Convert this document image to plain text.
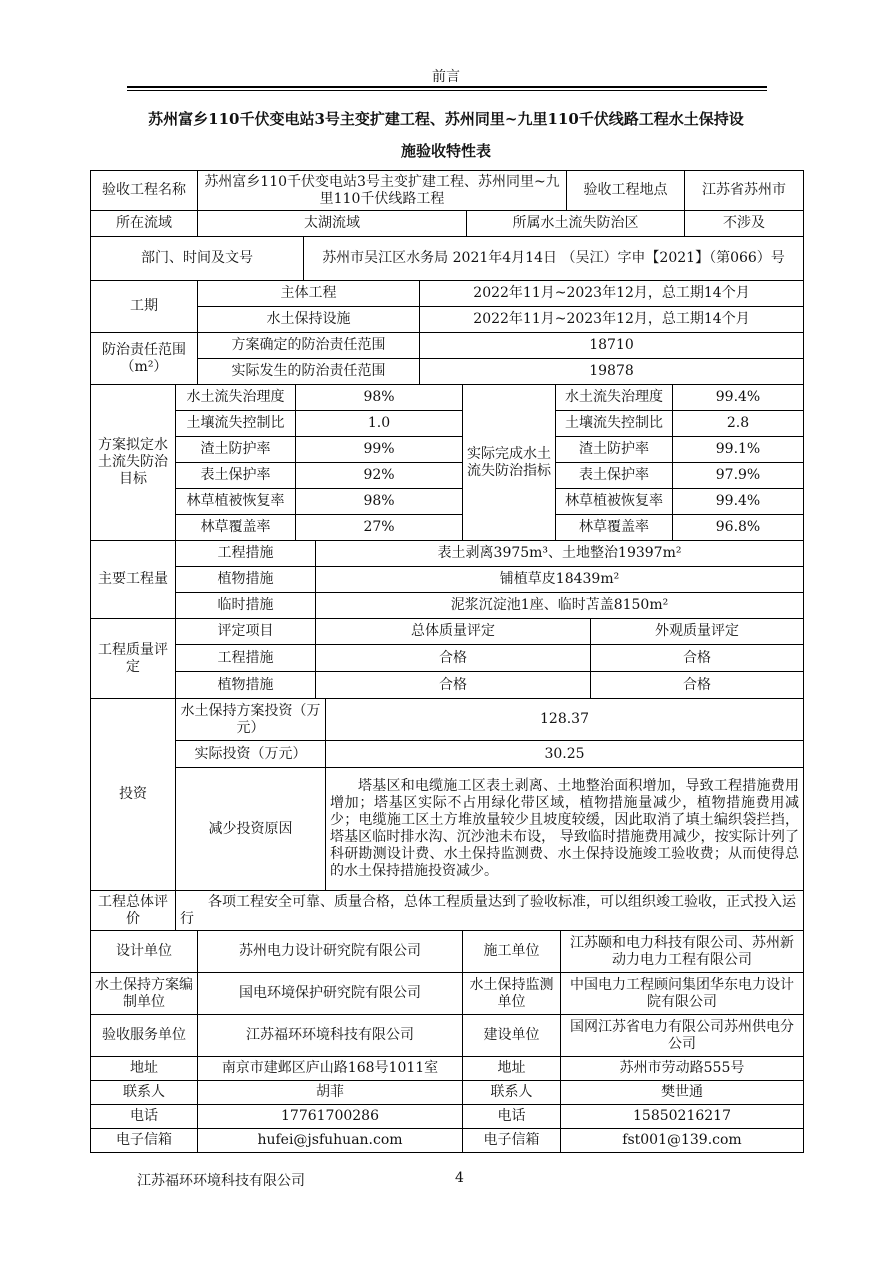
前言
苏州富乡110千伏变电站3号主变扩建工程、苏州同里~九里110千伏线路工程水土保持设
施验收特性表
验收工程名称	苏州富乡110千伏变电站3号主变扩建工程、苏州同里~九里110千伏线路工程			验收工程地点	江苏省苏州市
所在流域	太湖流域		所属水土流失防治区		不涉及
部门、时间及文号		苏州市吴江区水务局 2021年4月14日 （吴江）字申【2021】（第066）号			
工期	主体工程	2022年11月~2023年12月，总工期14个月
	水土保持设施	2022年11月~2023年12月，总工期14个月
防治责任范围（m²）	方案确定的防治责任范围	18710
	实际发生的防治责任范围	19878
方案拟定水土流失防治目标	水土流失治理度	98%	实际完成水土流失防治指标	水土流失治理度	99.4%
	土壤流失控制比	1.0		土壤流失控制比	2.8
	渣土防护率	99%		渣土防护率	99.1%
	表土保护率	92%		表土保护率	97.9%
	林草植被恢复率	98%		林草植被恢复率	99.4%
	林草覆盖率	27%		林草覆盖率	96.8%
主要工程量	工程措施	表土剥离3975m³、土地整治19397m²	
	植物措施	铺植草皮18439m²	
	临时措施	泥浆沉淀池1座、临时苫盖8150m²	
工程质量评定	评定项目	总体质量评定	外观质量评定
	工程措施	合格	合格
	植物措施	合格	合格
投资	水土保持方案投资（万元）	128.37
	实际投资（万元）	30.25
	减少投资原因	塔基区和电缆施工区表土剥离、土地整治面积增加，导致工程措施费用增加；塔基区实际不占用绿化带区域，植物措施量减少，植物措施费用减少；电缆施工区土方堆放量较少且坡度较缓，因此取消了填土编织袋拦挡，塔基区临时排水沟、沉沙池未布设， 导致临时措施费用减少，按实际计列了科研勘测设计费、水土保持监测费、水土保持设施竣工验收费；从而使得总的水土保持措施投资减少。
工程总体评价	各项工程安全可靠、质量合格，总体工程质量达到了验收标准，可以组织竣工验收，正式投入运行	
设计单位	苏州电力设计研究院有限公司	施工单位	江苏颐和电力科技有限公司、苏州新动力电力工程有限公司
水土保持方案编制单位	国电环境保护研究院有限公司	水土保持监测单位	中国电力工程顾问集团华东电力设计院有限公司
验收服务单位	江苏福环环境科技有限公司	建设单位	国网江苏省电力有限公司苏州供电分公司
地址	南京市建邺区庐山路168号1011室	地址	苏州市劳动路555号
联系人	胡菲	联系人	樊世通
电话	17761700286	电话	15850216217
电子信箱	hufei@jsfuhuan.com	电子信箱	fst001@139.com
江苏福环环境科技有限公司	4
